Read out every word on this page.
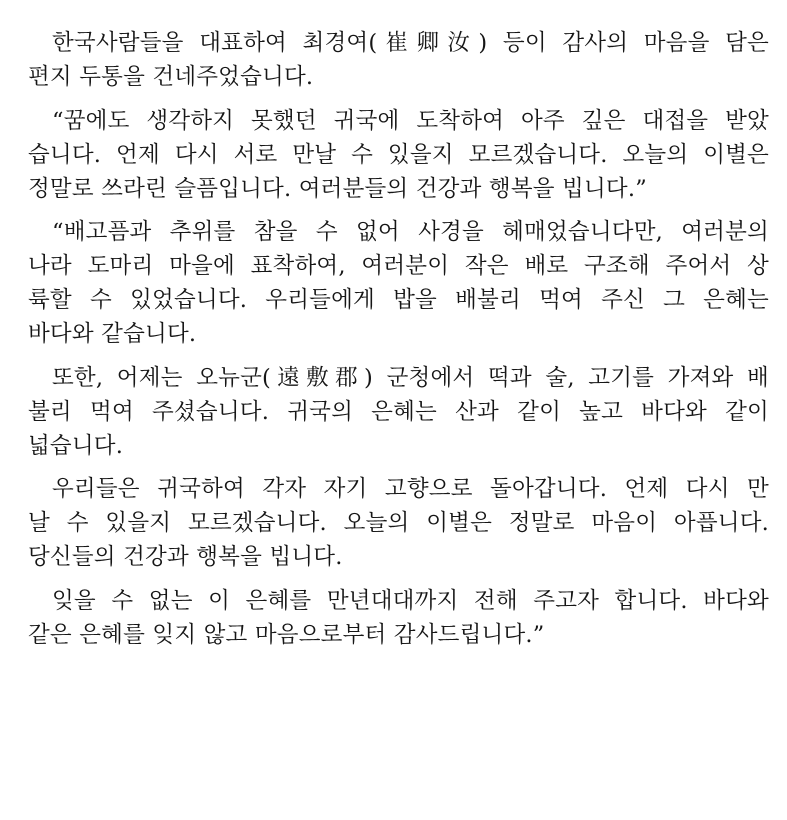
한국사람들을 대표하여 최경여(崔卿汝) 등이 감사의 마음을 담은
편지 두통을 건네주었습니다.

“꿈에도 생각하지 못했던 귀국에 도착하여 아주 깊은 대접을 받았
습니다. 언제 다시 서로 만날 수 있을지 모르겠습니다. 오늘의 이별은
정말로 쓰라린 슬픔입니다. 여러분들의 건강과 행복을 빕니다.”

“배고픔과 추위를 참을 수 없어 사경을 헤매었습니다만, 여러분의
나라 도마리 마을에 표착하여, 여러분이 작은 배로 구조해 주어서 상
륙할 수 있었습니다. 우리들에게 밥을 배불리 먹여 주신 그 은혜는
바다와 같습니다.

또한, 어제는 오뉴군(遠敷郡) 군청에서 떡과 술, 고기를 가져와 배
불리 먹여 주셨습니다. 귀국의 은혜는 산과 같이 높고 바다와 같이
넓습니다.

우리들은 귀국하여 각자 자기 고향으로 돌아갑니다. 언제 다시 만
날 수 있을지 모르겠습니다. 오늘의 이별은 정말로 마음이 아픕니다.
당신들의 건강과 행복을 빕니다.

잊을 수 없는 이 은혜를 만년대대까지 전해 주고자 합니다. 바다와
같은 은혜를 잊지 않고 마음으로부터 감사드립니다.”
